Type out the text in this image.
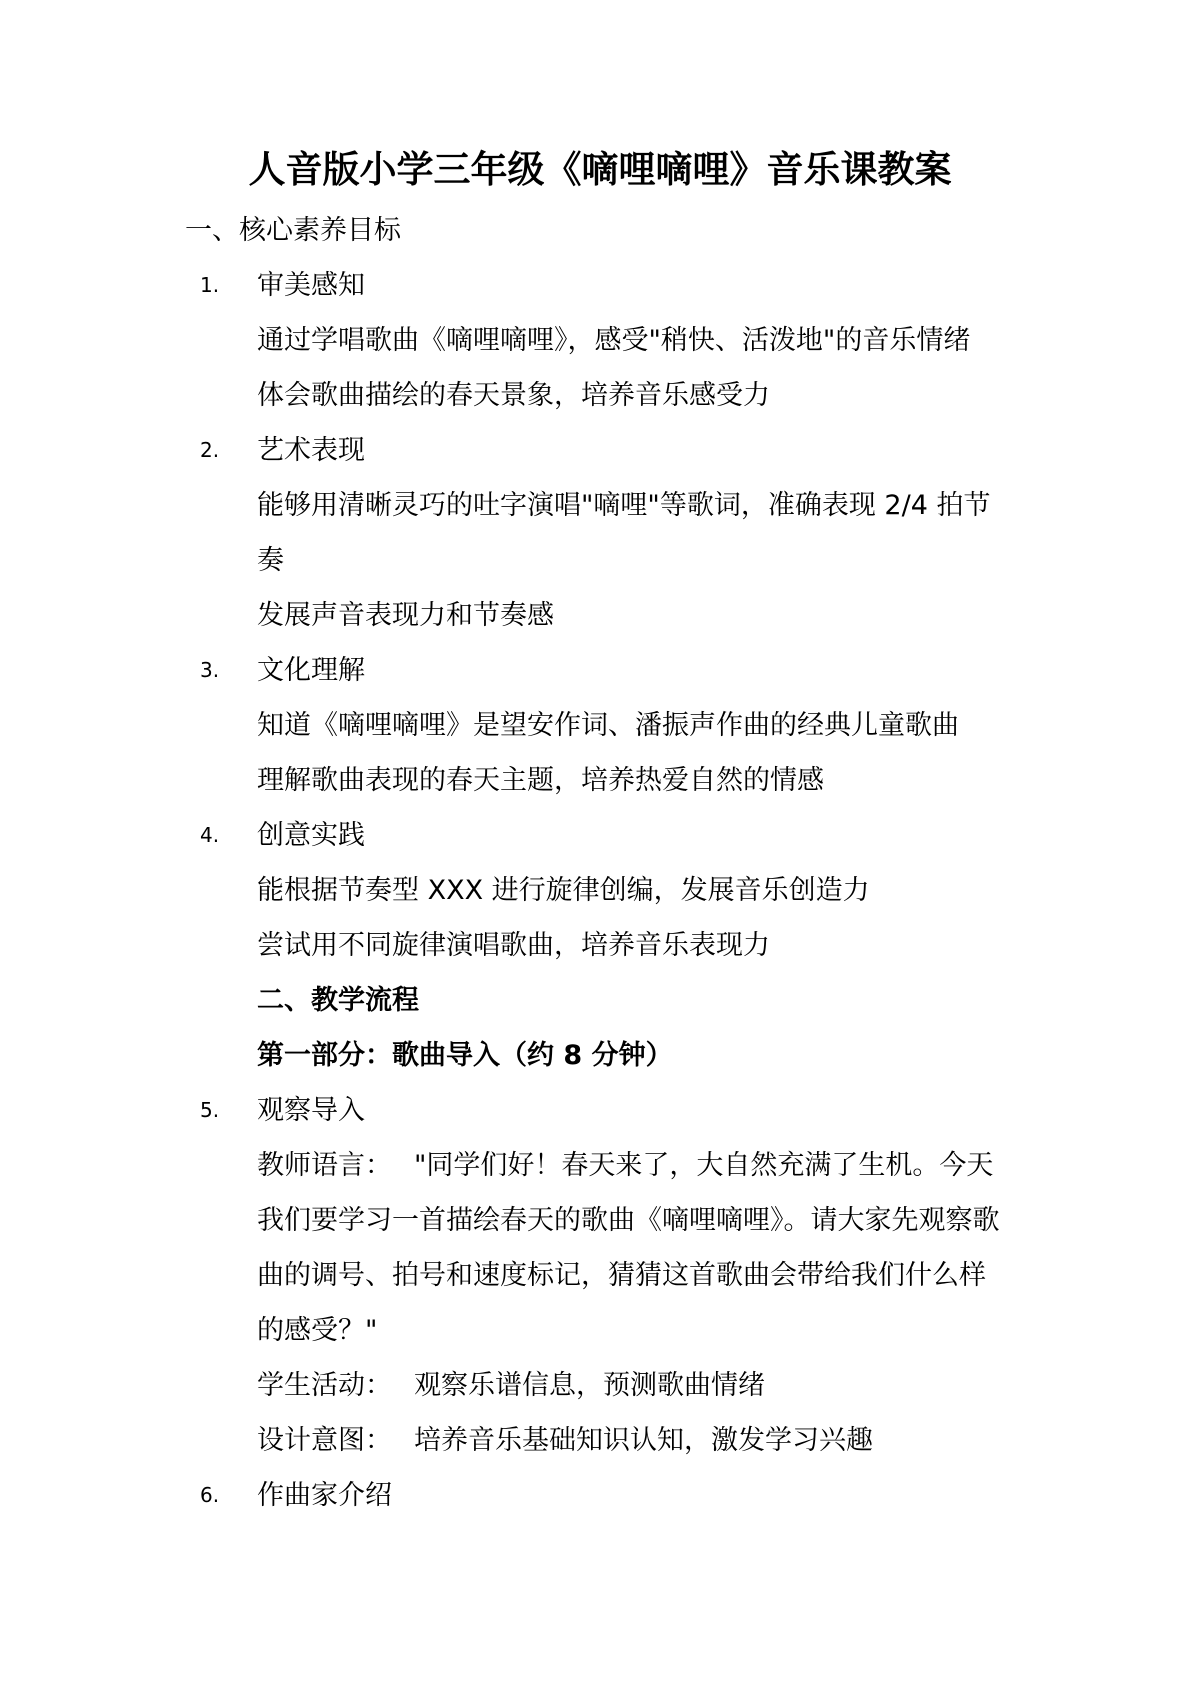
人音版小学三年级《嘀哩嘀哩》音乐课教案
一、核心素养目标
1.	审美感知
通过学唱歌曲《嘀哩嘀哩》，感受"稍快、活泼地"的音乐情绪
体会歌曲描绘的春天景象，培养音乐感受力
2.	艺术表现
能够用清晰灵巧的吐字演唱"嘀哩"等歌词，准确表现 2/4 拍节
奏
发展声音表现力和节奏感
3.	文化理解
知道《嘀哩嘀哩》是望安作词、潘振声作曲的经典儿童歌曲
理解歌曲表现的春天主题，培养热爱自然的情感
4.	创意实践
能根据节奏型 XXX 进行旋律创编，发展音乐创造力
尝试用不同旋律演唱歌曲，培养音乐表现力
二、教学流程
第一部分：歌曲导入（约 8 分钟）
5.	观察导入
教师语言： "同学们好！春天来了，大自然充满了生机。今天
我们要学习一首描绘春天的歌曲《嘀哩嘀哩》。请大家先观察歌
曲的调号、拍号和速度标记，猜猜这首歌曲会带给我们什么样
的感受？"
学生活动： 观察乐谱信息，预测歌曲情绪
设计意图： 培养音乐基础知识认知，激发学习兴趣
6.	作曲家介绍
